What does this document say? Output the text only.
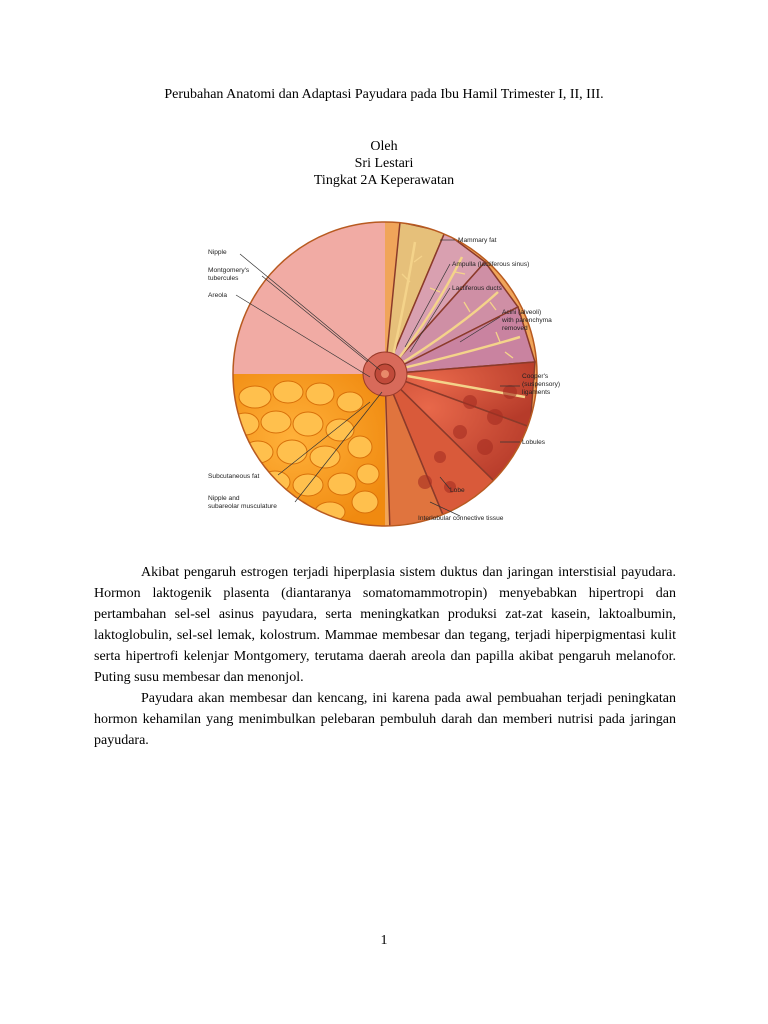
Perubahan Anatomi dan Adaptasi Payudara pada Ibu Hamil Trimester I, II, III.
Oleh
Sri Lestari
Tingkat 2A Keperawatan
Nipple
Montgomery's
tubercules
Areola
Subcutaneous fat
Nipple and
subareolar musculature
Mammary fat
Ampulla (lactiferous sinus)
Lactiferous ducts
Acini (alveoli)
with parenchyma
removed
Cooper's
(suspensory)
ligaments
Lobules
Lobe
Interlobular connective tissue

Akibat pengaruh estrogen terjadi hiperplasia sistem duktus dan jaringan interstisial payudara. Hormon laktogenik plasenta (diantaranya somatomammotropin) menyebabkan hipertropi dan pertambahan sel-sel asinus payudara, serta meningkatkan produksi zat-zat kasein, laktoalbumin, laktoglobulin, sel-sel lemak, kolostrum. Mammae membesar dan tegang, terjadi hiperpigmentasi kulit serta hipertrofi kelenjar Montgomery, terutama daerah areola dan papilla akibat pengaruh melanofor. Puting susu membesar dan menonjol.

Payudara akan membesar dan kencang, ini karena pada awal pembuahan terjadi peningkatan hormon kehamilan yang menimbulkan pelebaran pembuluh darah dan memberi nutrisi pada jaringan payudara.

1
